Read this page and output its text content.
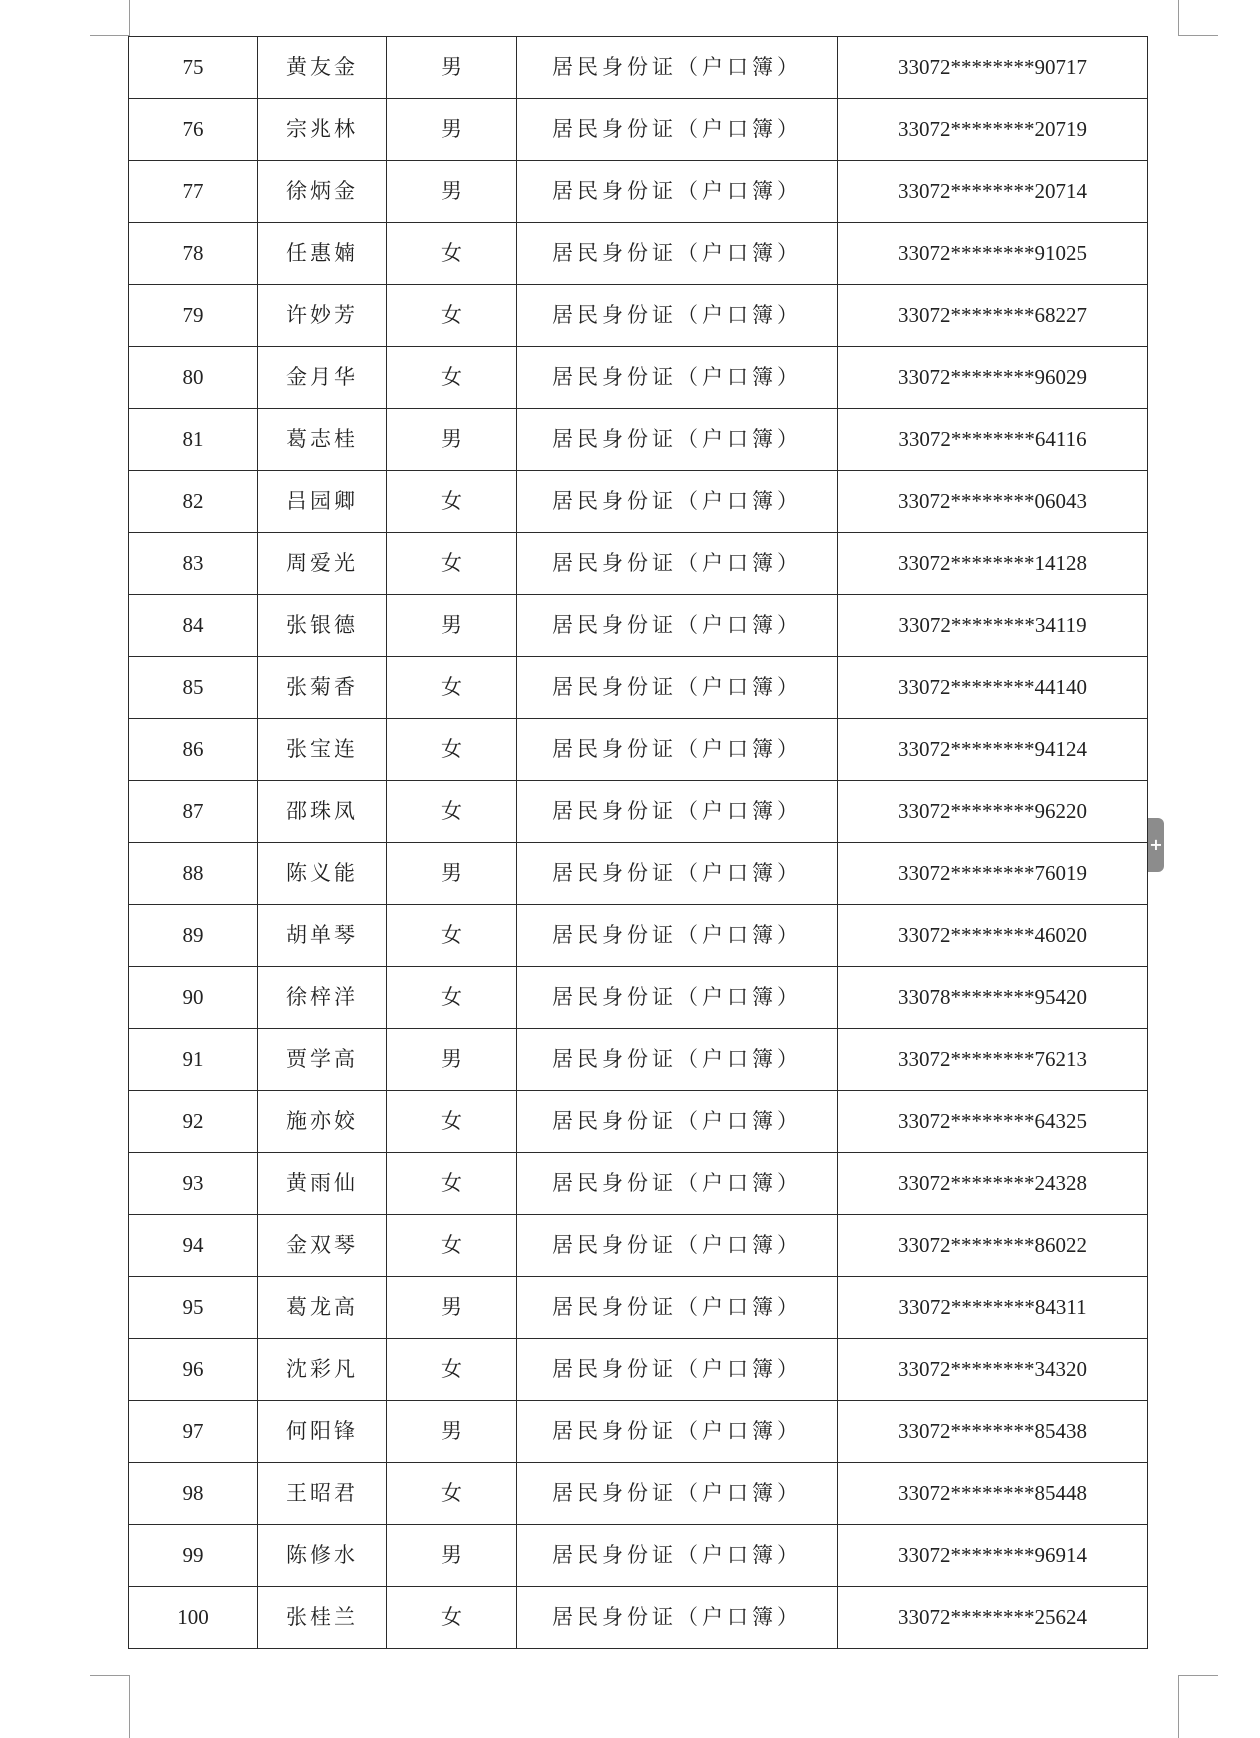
75	黄友金	男	居民身份证（户口簿）	33072********90717
76	宗兆林	男	居民身份证（户口簿）	33072********20719
77	徐炳金	男	居民身份证（户口簿）	33072********20714
78	任惠婻	女	居民身份证（户口簿）	33072********91025
79	许妙芳	女	居民身份证（户口簿）	33072********68227
80	金月华	女	居民身份证（户口簿）	33072********96029
81	葛志桂	男	居民身份证（户口簿）	33072********64116
82	吕园卿	女	居民身份证（户口簿）	33072********06043
83	周爱光	女	居民身份证（户口簿）	33072********14128
84	张银德	男	居民身份证（户口簿）	33072********34119
85	张菊香	女	居民身份证（户口簿）	33072********44140
86	张宝连	女	居民身份证（户口簿）	33072********94124
87	邵珠凤	女	居民身份证（户口簿）	33072********96220
88	陈义能	男	居民身份证（户口簿）	33072********76019
89	胡单琴	女	居民身份证（户口簿）	33072********46020
90	徐梓洋	女	居民身份证（户口簿）	33078********95420
91	贾学高	男	居民身份证（户口簿）	33072********76213
92	施亦姣	女	居民身份证（户口簿）	33072********64325
93	黄雨仙	女	居民身份证（户口簿）	33072********24328
94	金双琴	女	居民身份证（户口簿）	33072********86022
95	葛龙高	男	居民身份证（户口簿）	33072********84311
96	沈彩凡	女	居民身份证（户口簿）	33072********34320
97	何阳锋	男	居民身份证（户口簿）	33072********85438
98	王昭君	女	居民身份证（户口簿）	33072********85448
99	陈修水	男	居民身份证（户口簿）	33072********96914
100	张桂兰	女	居民身份证（户口簿）	33072********25624
+
